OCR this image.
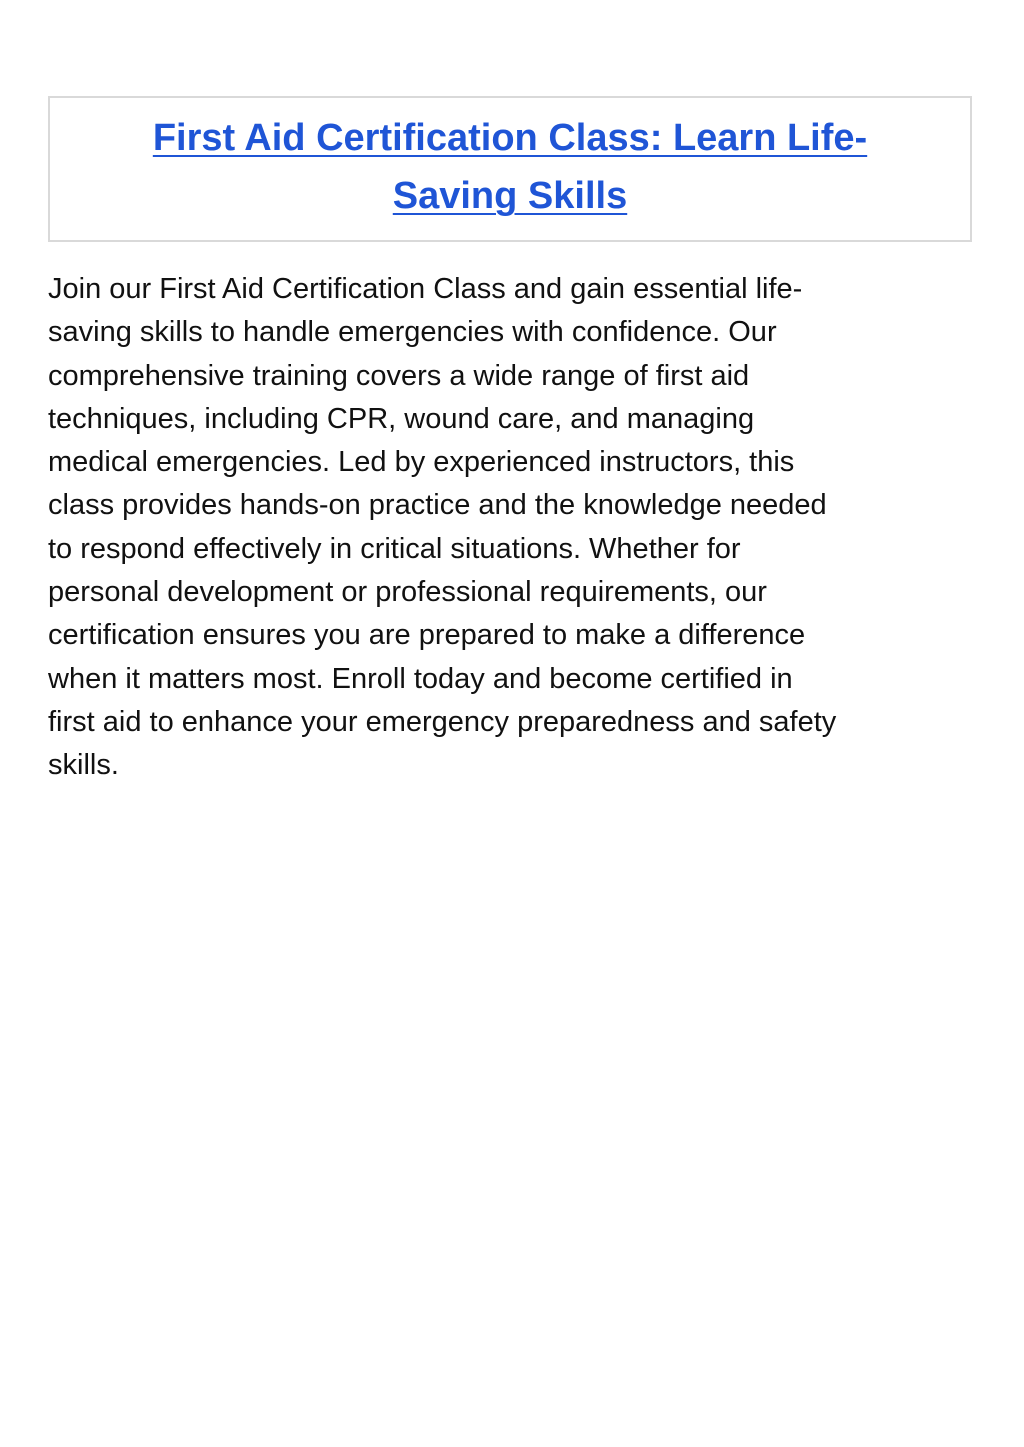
First Aid Certification Class: Learn Life-Saving Skills

Join our First Aid Certification Class and gain essential life-
saving skills to handle emergencies with confidence. Our
comprehensive training covers a wide range of first aid
techniques, including CPR, wound care, and managing
medical emergencies. Led by experienced instructors, this
class provides hands-on practice and the knowledge needed
to respond effectively in critical situations. Whether for
personal development or professional requirements, our
certification ensures you are prepared to make a difference
when it matters most. Enroll today and become certified in
first aid to enhance your emergency preparedness and safety
skills.
